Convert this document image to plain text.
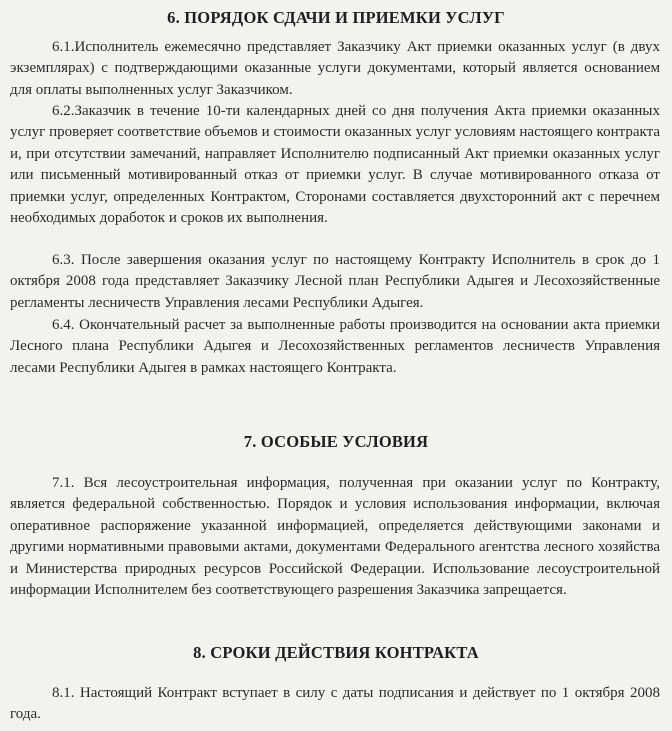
6. ПОРЯДОК СДАЧИ И ПРИЕМКИ УСЛУГ

6.1.Исполнитель ежемесячно представляет Заказчику Акт приемки оказанных услуг (в двух экземплярах) с подтверждающими оказанные услуги документами, который является основанием для оплаты выполненных услуг Заказчиком.

6.2.Заказчик в течение 10-ти календарных дней со дня получения Акта приемки оказанных услуг проверяет соответствие объемов и стоимости оказанных услуг условиям настоящего контракта и, при отсутствии замечаний, направляет Исполнителю подписанный Акт приемки оказанных услуг или письменный мотивированный отказ от приемки услуг. В случае мотивированного отказа от приемки услуг, определенных Контрактом, Сторонами составляется двухсторонний акт с перечнем необходимых доработок и сроков их выполнения.

6.3. После завершения оказания услуг по настоящему Контракту Исполнитель в срок до 1 октября 2008 года представляет Заказчику Лесной план Республики Адыгея и Лесохозяйственные регламенты лесничеств Управления лесами Республики Адыгея.

6.4. Окончательный расчет за выполненные работы производится на основании акта приемки Лесного плана Республики Адыгея и Лесохозяйственных регламентов лесничеств Управления лесами Республики Адыгея в рамках настоящего Контракта.

7. ОСОБЫЕ УСЛОВИЯ

7.1. Вся лесоустроительная информация, полученная при оказании услуг по Контракту, является федеральной собственностью. Порядок и условия использования информации, включая оперативное распоряжение указанной информацией, определяется действующими законами и другими нормативными правовыми актами, документами Федерального агентства лесного хозяйства и Министерства природных ресурсов Российской Федерации. Использование лесоустроительной информации Исполнителем без соответствующего разрешения Заказчика запрещается.

8. СРОКИ ДЕЙСТВИЯ КОНТРАКТА

8.1. Настоящий Контракт вступает в силу с даты подписания и действует по 1 октября 2008 года.
